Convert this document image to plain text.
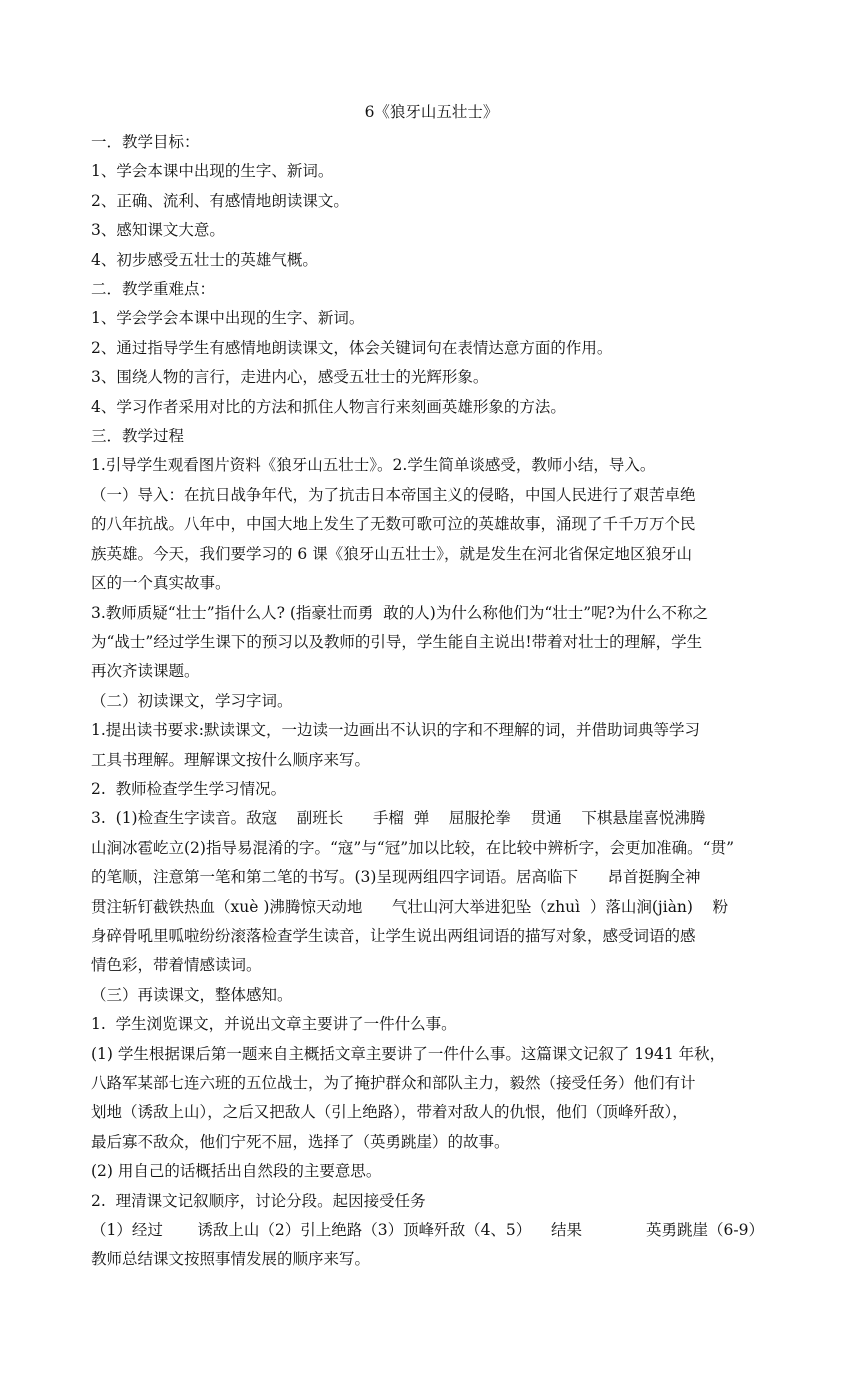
6《狼牙山五壮士》
一．教学目标：
1、学会本课中出现的生字、新词。
2、正确、流利、有感情地朗读课文。
3、感知课文大意。
4、初步感受五壮士的英雄气概。
二．教学重难点：
1、学会学会本课中出现的生字、新词。
2、通过指导学生有感情地朗读课文，体会关键词句在表情达意方面的作用。
3、围绕人物的言行，走进内心，感受五壮士的光辉形象。
4、学习作者采用对比的方法和抓住人物言行来刻画英雄形象的方法。
三．教学过程
1.引导学生观看图片资料《狼牙山五壮士》。2.学生简单谈感受，教师小结，导入。
（一）导入：在抗日战争年代，为了抗击日本帝国主义的侵略，中国人民进行了艰苦卓绝
的八年抗战。八年中，中国大地上发生了无数可歌可泣的英雄故事，涌现了千千万万个民
族英雄。今天，我们要学习的 6 课《狼牙山五壮士》，就是发生在河北省保定地区狼牙山
区的一个真实故事。
3.教师质疑“壮士”指什么人? (指豪壮而勇  敢的人)为什么称他们为“壮士”呢?为什么不称之
为“战士”经过学生课下的预习以及教师的引导，学生能自主说出!带着对壮士的理解，学生
再次齐读课题。
（二）初读课文，学习字词。
1.提出读书要求:默读课文，一边读一边画出不认识的字和不理解的词，并借助词典等学习
工具书理解。理解课文按什么顺序来写。
2.  教师检查学生学习情况。
3.  (1)检查生字读音。敌寇    副班长      手榴  弹    屈服抡拳    贯通    下棋悬崖喜悦沸腾
山涧冰雹屹立(2)指导易混淆的字。“寇”与“冠”加以比较，在比较中辨析字，会更加准确。“贯”
的笔顺，注意第一笔和第二笔的书写。(3)呈现两组四字词语。居高临下      昂首挺胸全神
贯注斩钉截铁热血（xuè )沸腾惊天动地      气壮山河大举进犯坠（zhuì  ）落山涧(jiàn)    粉
身碎骨吼里呱啦纷纷滚落检查学生读音，让学生说出两组词语的描写对象，感受词语的感
情色彩，带着情感读词。
（三）再读课文，整体感知。
1.  学生浏览课文，并说出文章主要讲了一件什么事。
(1) 学生根据课后第一题来自主概括文章主要讲了一件什么事。这篇课文记叙了 1941 年秋，
八路军某部七连六班的五位战士，为了掩护群众和部队主力，毅然（接受任务）他们有计
划地（诱敌上山），之后又把敌人（引上绝路），带着对敌人的仇恨，他们（顶峰歼敌），
最后寡不敌众，他们宁死不屈，选择了（英勇跳崖）的故事。
(2) 用自己的话概括出自然段的主要意思。
2.  理清课文记叙顺序，讨论分段。起因接受任务
（1）经过       诱敌上山（2）引上绝路（3）顶峰歼敌（4、5）    结果             英勇跳崖（6-9）
教师总结课文按照事情发展的顺序来写。
